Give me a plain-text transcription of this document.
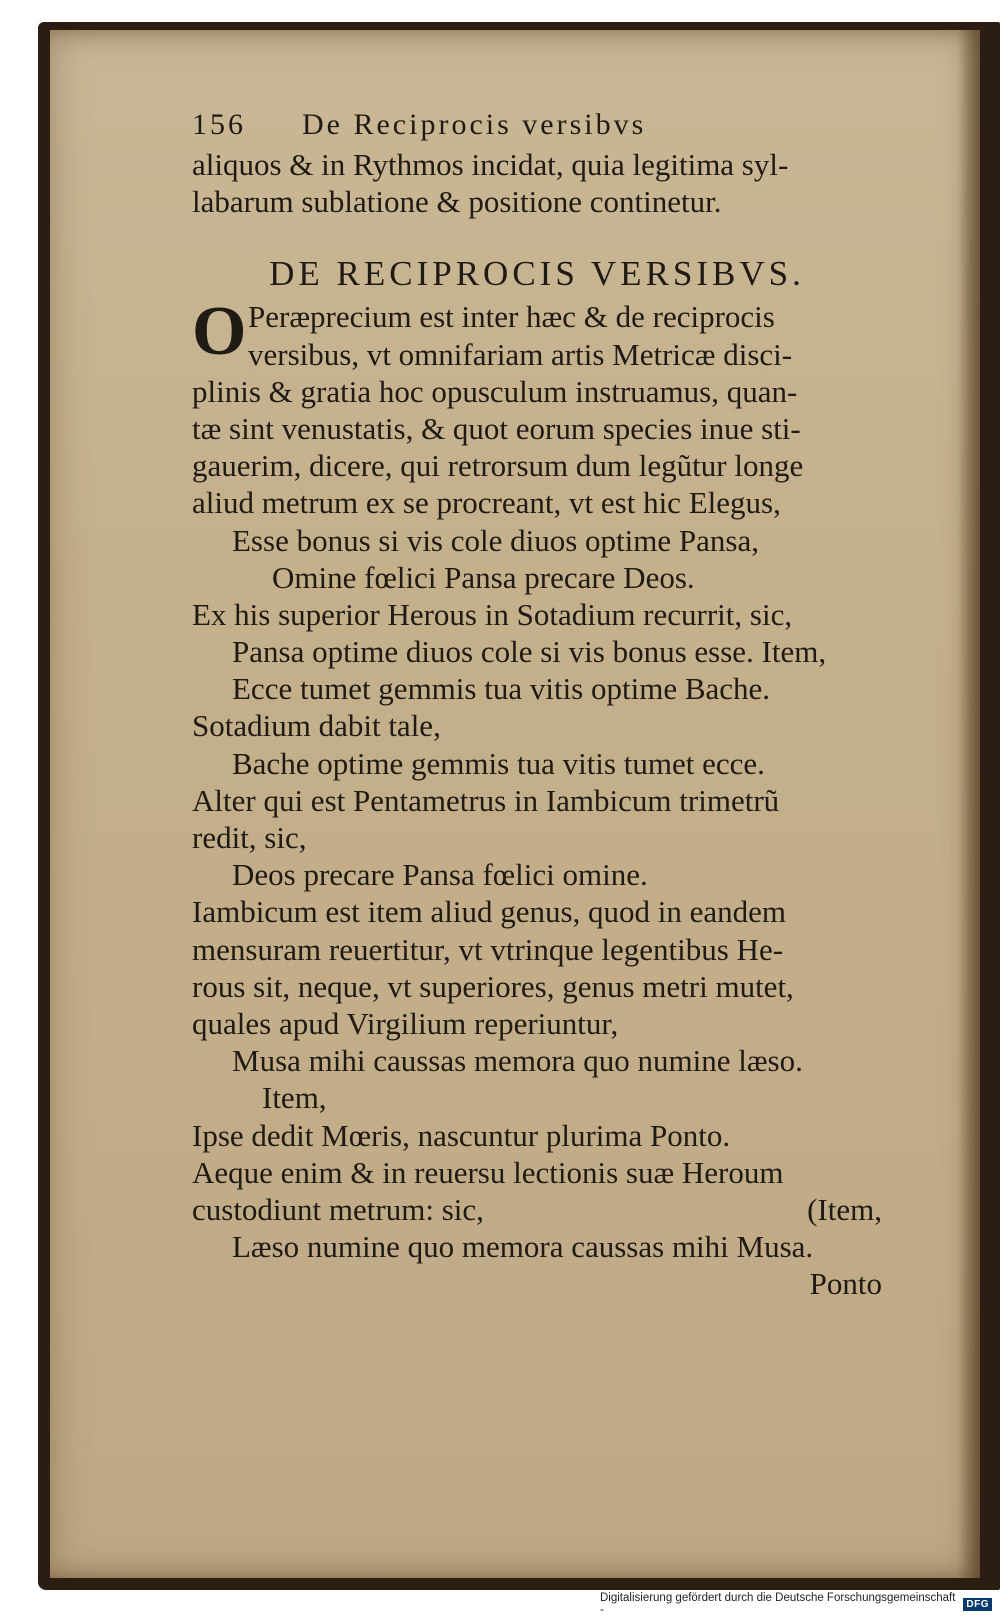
156 De Reciprocis versibvs
aliquos & in Rythmos incidat, quia legitima syl-
labarum sublatione & positione continetur.
DE RECIPROCIS VERSIBVS.
O Peræprecium est inter hæc & de reciprocis
versibus, vt omnifariam artis Metricæ disci-
plinis & gratia hoc opusculum instruamus, quan-
tæ sint venustatis, & quot eorum species inue sti-
gauerim, dicere, qui retrorsum dum legũtur longe
aliud metrum ex se procreant, vt est hic Elegus,
Esse bonus si vis cole diuos optime Pansa,
Omine fœlici Pansa precare Deos.
Ex his superior Herous in Sotadium recurrit, sic,
Pansa optime diuos cole si vis bonus esse. Item,
Ecce tumet gemmis tua vitis optime Bache.
Sotadium dabit tale,
Bache optime gemmis tua vitis tumet ecce.
Alter qui est Pentametrus in Iambicum trimetrũ
redit, sic,
Deos precare Pansa fœlici omine.
Iambicum est item aliud genus, quod in eandem
mensuram reuertitur, vt vtrinque legentibus He-
rous sit, neque, vt superiores, genus metri mutet,
quales apud Virgilium reperiuntur,
Musa mihi caussas memora quo numine læso.
Item,
Ipse dedit Mœris, nascuntur plurima Ponto.
Aeque enim & in reuersu lectionis suæ Heroum
custodiunt metrum: sic,	(Item,
Læso numine quo memora caussas mihi Musa.
Ponto
Digitalisierung gefördert durch die Deutsche Forschungsgemeinschaft -	DFG
